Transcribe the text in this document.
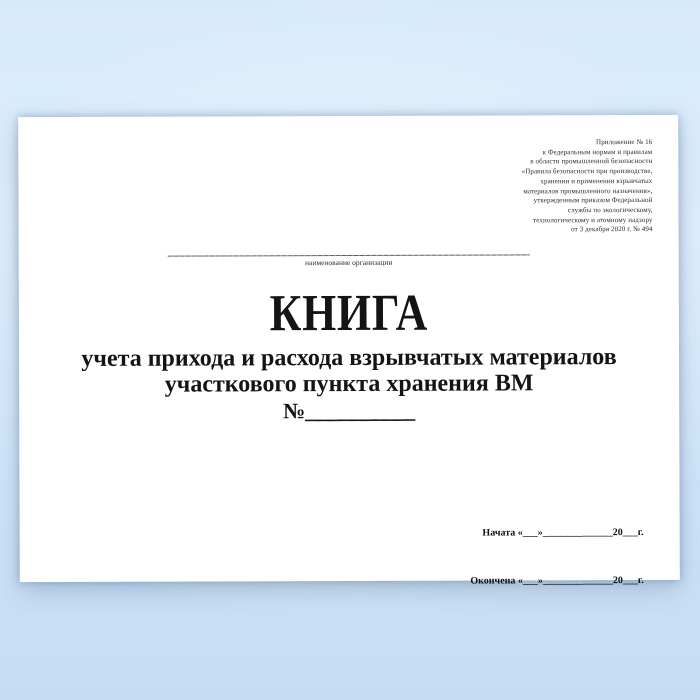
Приложение № 16
к Федеральным нормам и правилам
в области промышленной безопасности
«Правила безопасности при производстве,
хранении и применении взрывчатых
материалов промышленного назначения»,
утвержденным приказом Федеральной
службы по экологическому,
технологическому и атомному надзору
от 3 декабря 2020 г. № 494
наименование организации
КНИГА
учета прихода и расхода взрывчатых материалов
участкового пункта хранения ВМ
№__________

Начата «___»______________20___г.

Окончена «___»______________20___г.
